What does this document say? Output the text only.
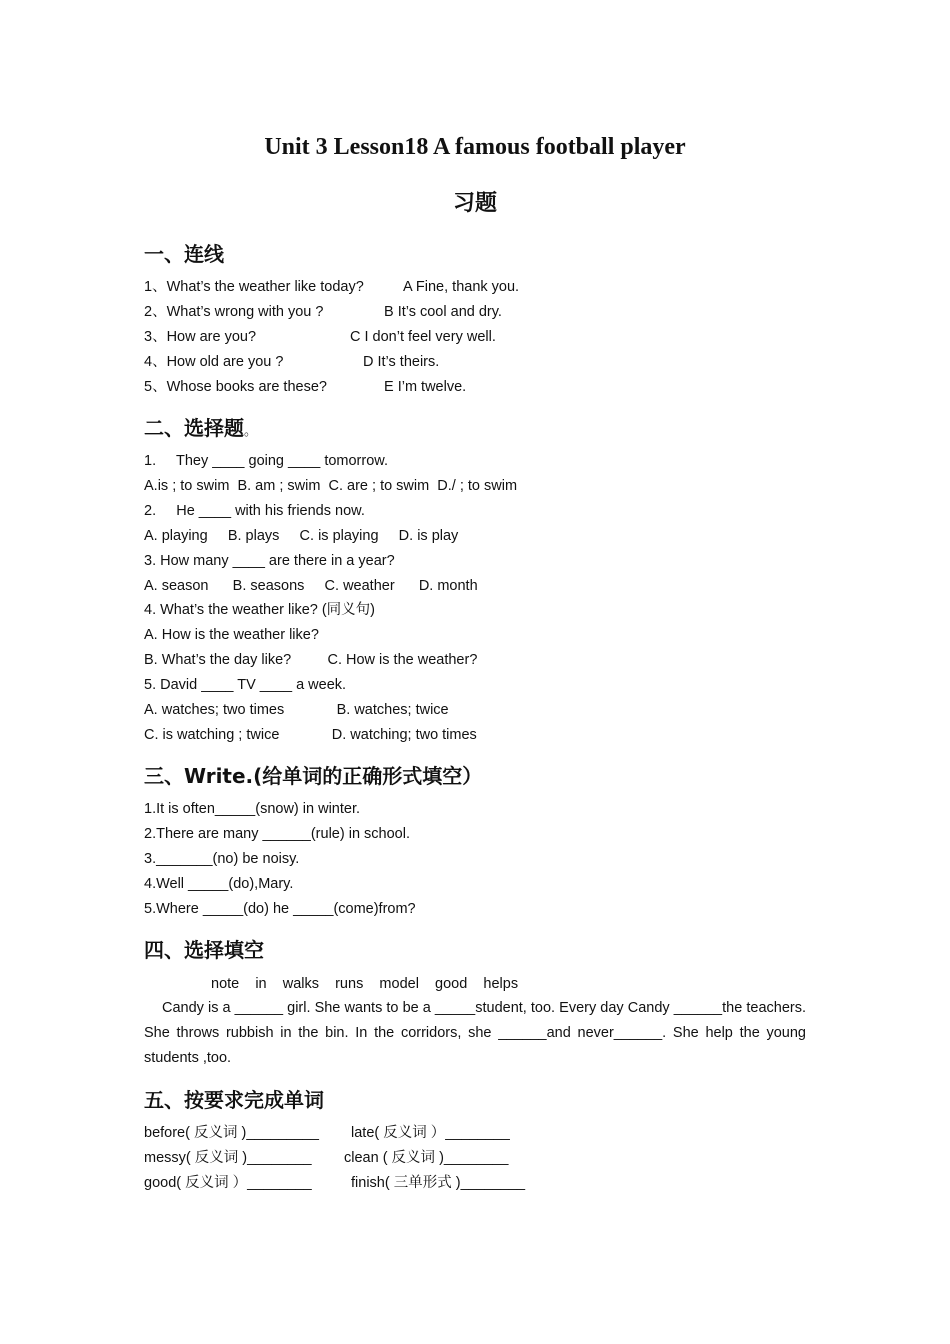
Unit 3 Lesson18 A famous football player
习题
一、连线
1、What’s the weather like today?	A Fine, thank you.
2、What’s wrong with you ?	B It’s cool and dry.
3、How are you?	C I don’t feel very well.
4、How old are you ?	D It’s theirs.
5、Whose books are these?	E I’m twelve.
二、选择题。
1.     They ____ going ____ tomorrow.
A.is ; to swim  B. am ; swim  C. are ; to swim  D./ ; to swim
2.     He ____ with his friends now.
A. playing     B. plays     C. is playing     D. is play
3. How many ____ are there in a year?
A. season      B. seasons     C. weather      D. month
4. What’s the weather like? (同义句)
A. How is the weather like?
B. What’s the day like?         C. How is the weather?
5. David ____ TV ____ a week.
A. watches; two times             B. watches; twice
C. is watching ; twice             D. watching; two times
三、Write.(给单词的正确形式填空）
1.It is often_____(snow) in winter.
2.There are many ______(rule) in school.
3._______(no) be noisy.
4.Well _____(do),Mary.
5.Where _____(do) he _____(come)from?
四、选择填空
note    in    walks    runs    model    good    helps
Candy is a ______ girl. She wants to be a _____student, too. Every day Candy ______the teachers. She throws rubbish in the bin. In the corridors, she ______and never______. She help the young students ,too.
五、按要求完成单词
before( 反义词 )_________ late( 反义词 ）________
messy( 反义词 )________ clean ( 反义词 )________
good( 反义词 ）________	finish( 三单形式 )________
